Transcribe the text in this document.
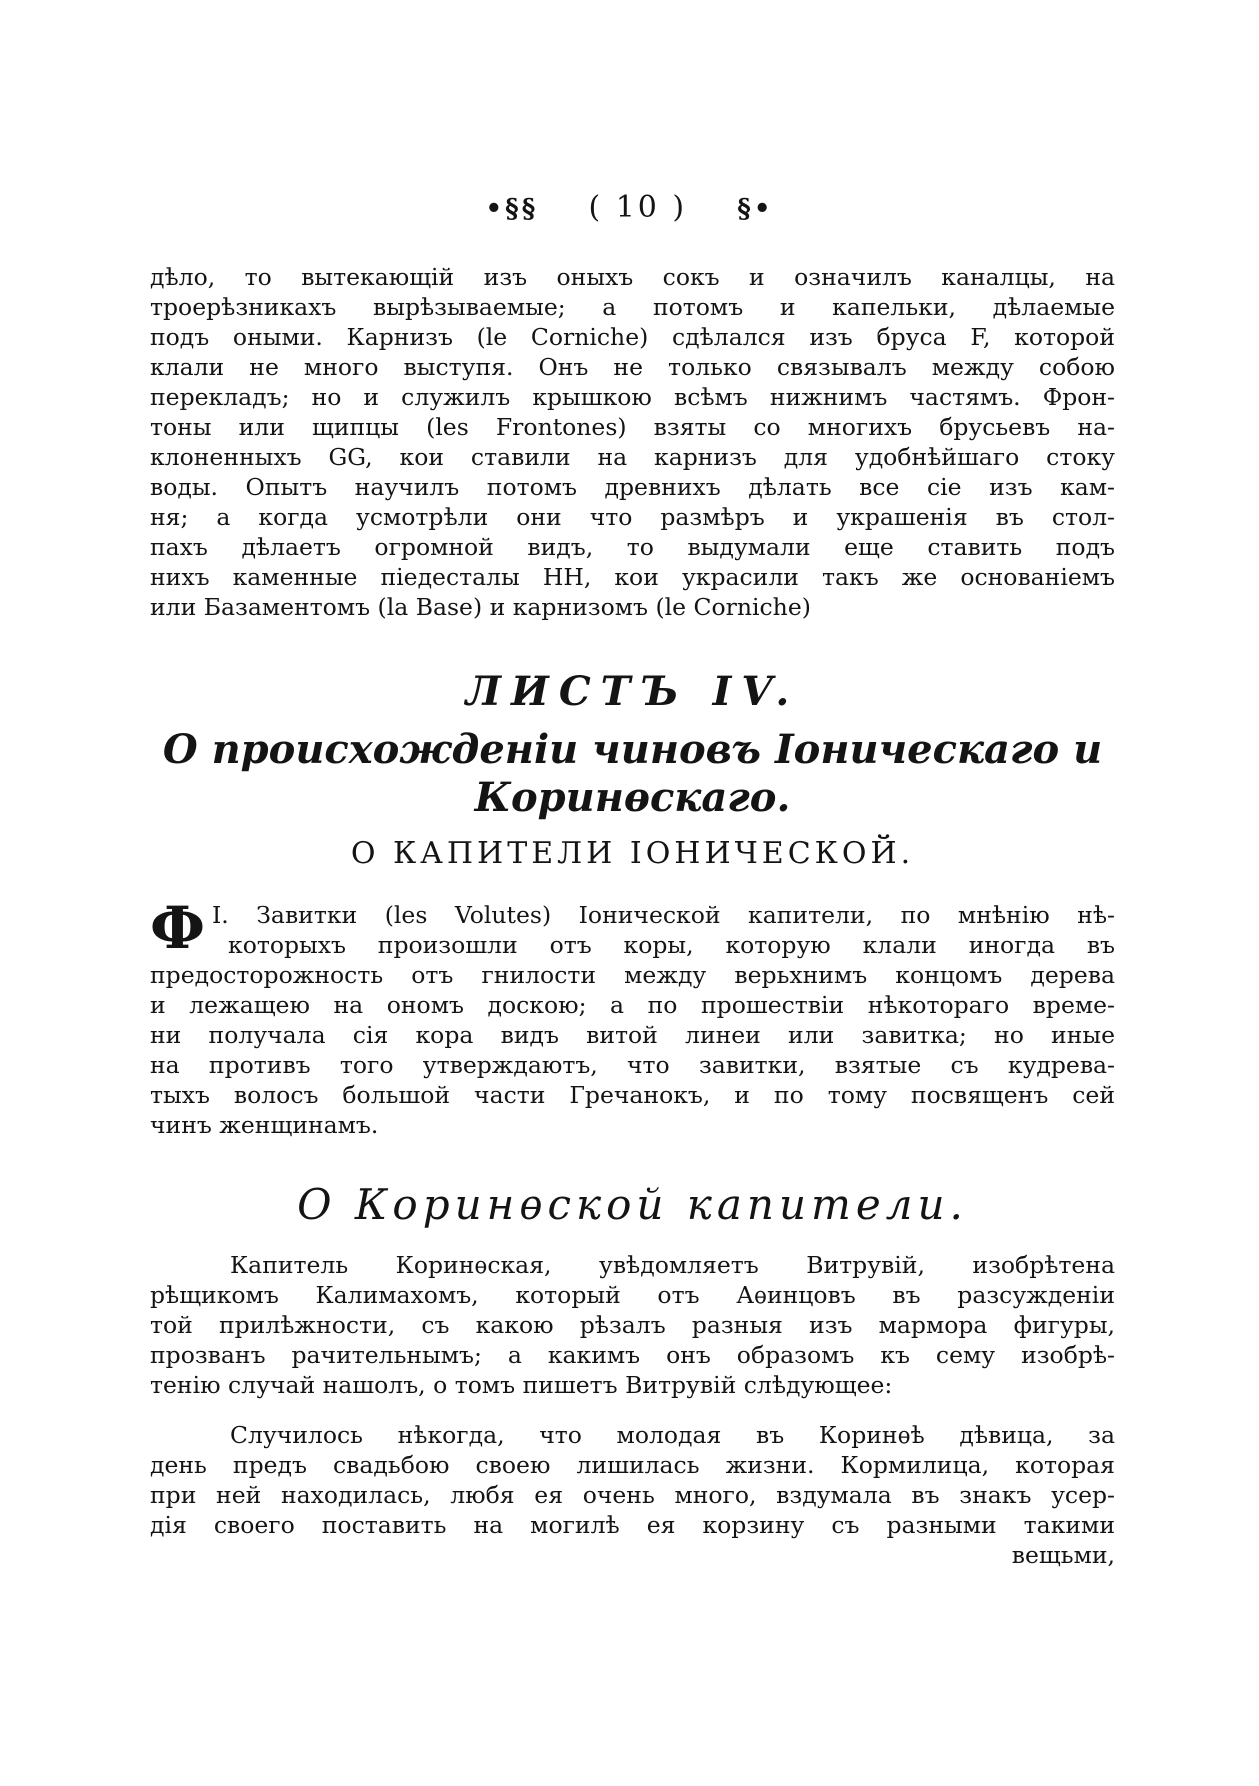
•§§ ( 10 ) §•
дѣло, то вытекающій изъ оныхъ сокъ и означилъ каналцы, на
троерѣзникахъ вырѣзываемые; а потомъ и капельки, дѣлаемые
подъ оными. Карнизъ (le Corniche) сдѣлался изъ бруса F, которой
клали не много выступя. Онъ не только связывалъ между собою
перекладъ; но и служилъ крышкою всѣмъ нижнимъ частямъ. Фрон-
тоны или щипцы (les Frontones) взяты со многихъ брусьевъ на-
клоненныхъ GG, кои ставили на карнизъ для удобнѣйшаго стоку
воды. Опытъ научилъ потомъ древнихъ дѣлать все сіе изъ кам-
ня; а когда усмотрѣли они что размѣръ и украшенія въ стол-
пахъ дѣлаетъ огромной видъ, то выдумали еще ставить подъ
нихъ каменные піедесталы HH, кои украсили такъ же основаніемъ
или Базаментомъ (la Base) и карнизомъ (le Corniche)
ЛИСТЪ IV.
О происхожденіи чиновъ Іоническаго и
Коринѳскаго.
О КАПИТЕЛИ ІОНИЧЕСКОЙ.
Ф І. Завитки (les Volutes) Іонической капители, по мнѣнію нѣ-
которыхъ произошли отъ коры, которую клали иногда въ
предосторожность отъ гнилости между верьхнимъ концомъ дерева
и лежащею на ономъ доскою; а по прошествіи нѣкотораго време-
ни получала сія кора видъ витой линеи или завитка; но иные
на противъ того утверждаютъ, что завитки, взятые съ кудрева-
тыхъ волосъ большой части Гречанокъ, и по тому посвященъ сей
чинъ женщинамъ.
О Коринѳской капители.
Капитель Коринѳская, увѣдомляетъ Витрувій, изобрѣтена
рѣщикомъ Калимахомъ, который отъ Аѳинцовъ въ разсужденіи
той прилѣжности, съ какою рѣзалъ разныя изъ мармора фигуры,
прозванъ рачительнымъ; а какимъ онъ образомъ къ сему изобрѣ-
тенію случай нашолъ, о томъ пишетъ Витрувій слѣдующее:
Случилось нѣкогда, что молодая въ Коринѳѣ дѣвица, за
день предъ свадьбою своею лишилась жизни. Кормилица, которая
при ней находилась, любя ея очень много, вздумала въ знакъ усер-
дія своего поставить на могилѣ ея корзину съ разными такими
вещьми,
